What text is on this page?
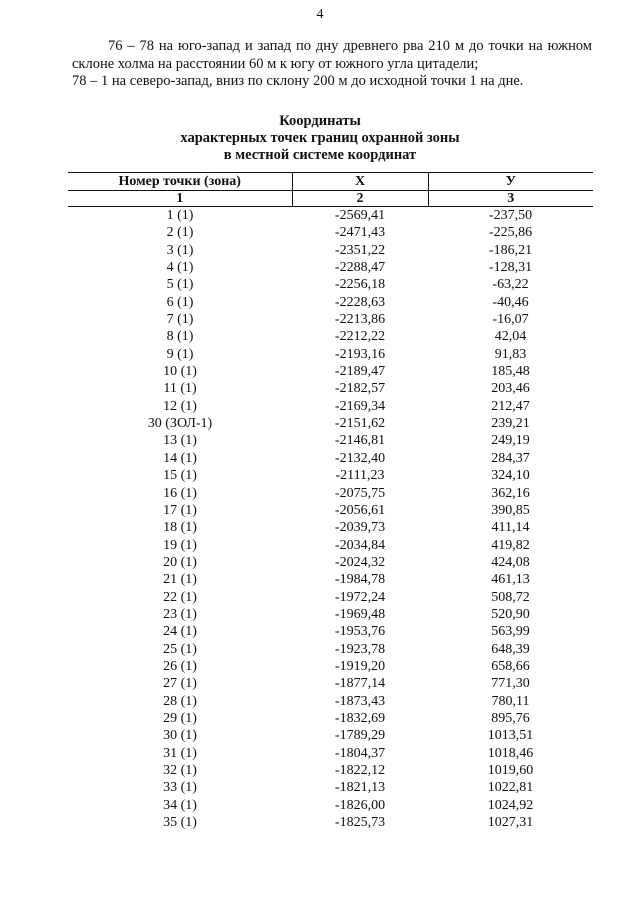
4

76 – 78 на юго-запад и запад по дну древнего рва 210 м до точки на южном склоне холма на расстоянии 60 м к югу от южного угла цитадели;

78 – 1 на северо-запад, вниз по склону 200 м до исходной точки 1 на дне.

Координаты
характерных точек границ охранной зоны
в местной системе координат
Номер точки (зона)	X	У
1	2	3
1 (1)	-2569,41	-237,50
2 (1)	-2471,43	-225,86
3 (1)	-2351,22	-186,21
4 (1)	-2288,47	-128,31
5 (1)	-2256,18	-63,22
6 (1)	-2228,63	-40,46
7 (1)	-2213,86	-16,07
8 (1)	-2212,22	42,04
9 (1)	-2193,16	91,83
10 (1)	-2189,47	185,48
11 (1)	-2182,57	203,46
12 (1)	-2169,34	212,47
30 (ЗОЛ-1)	-2151,62	239,21
13 (1)	-2146,81	249,19
14 (1)	-2132,40	284,37
15 (1)	-2111,23	324,10
16 (1)	-2075,75	362,16
17 (1)	-2056,61	390,85
18 (1)	-2039,73	411,14
19 (1)	-2034,84	419,82
20 (1)	-2024,32	424,08
21 (1)	-1984,78	461,13
22 (1)	-1972,24	508,72
23 (1)	-1969,48	520,90
24 (1)	-1953,76	563,99
25 (1)	-1923,78	648,39
26 (1)	-1919,20	658,66
27 (1)	-1877,14	771,30
28 (1)	-1873,43	780,11
29 (1)	-1832,69	895,76
30 (1)	-1789,29	1013,51
31 (1)	-1804,37	1018,46
32 (1)	-1822,12	1019,60
33 (1)	-1821,13	1022,81
34 (1)	-1826,00	1024,92
35 (1)	-1825,73	1027,31
